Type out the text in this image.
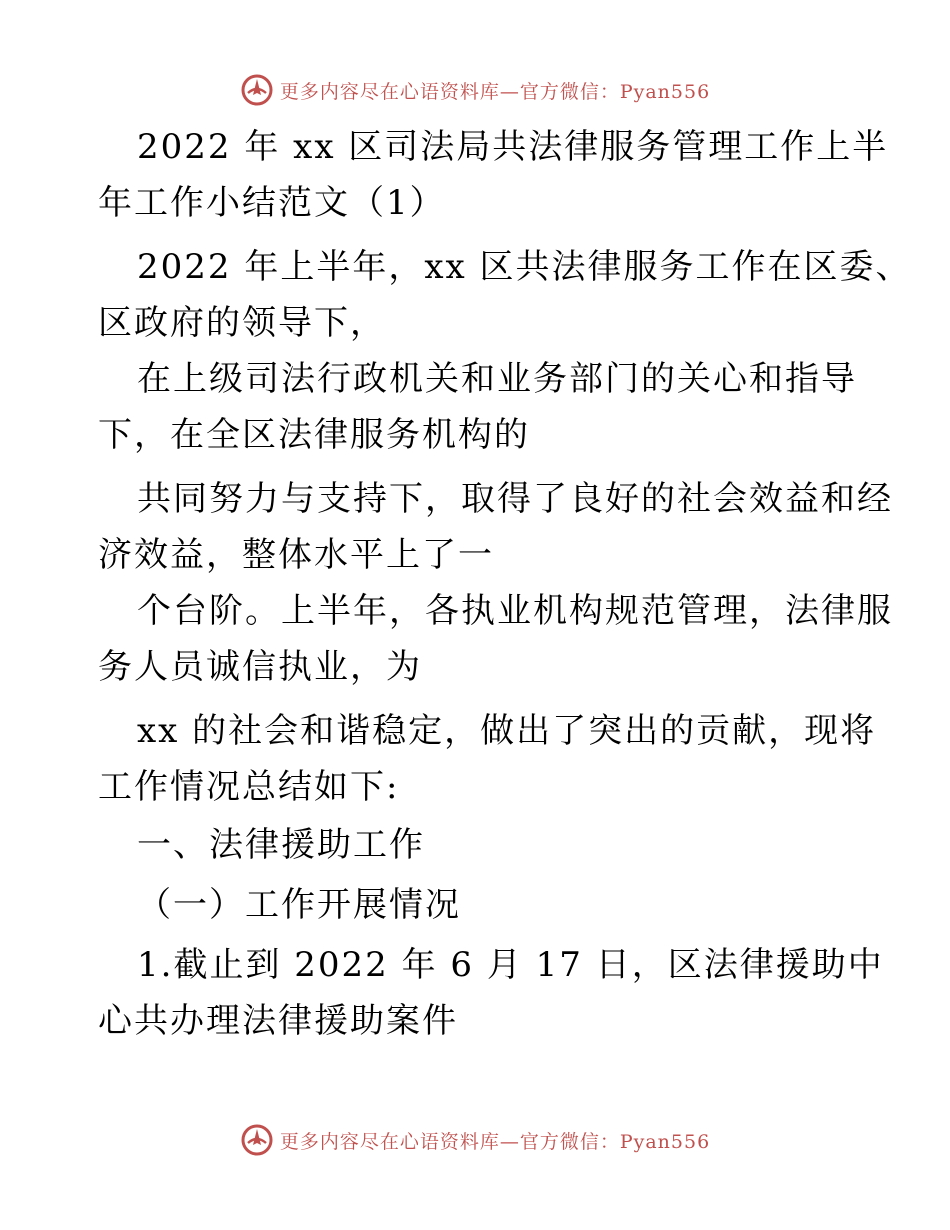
更多内容尽在心语资料库—官方微信：Pyan556
2022 年 xx 区司法局共法律服务管理工作上半
年工作小结范文（1）
2022 年上半年，xx 区共法律服务工作在区委、
区政府的领导下，
在上级司法行政机关和业务部门的关心和指导
下，在全区法律服务机构的
共同努力与支持下，取得了良好的社会效益和经
济效益，整体水平上了一
个台阶。上半年，各执业机构规范管理，法律服
务人员诚信执业，为
xx 的社会和谐稳定，做出了突出的贡献，现将
工作情况总结如下:
一、法律援助工作
（一）工作开展情况
1.截止到 2022 年 6 月 17 日，区法律援助中
心共办理法律援助案件
更多内容尽在心语资料库—官方微信：Pyan556
